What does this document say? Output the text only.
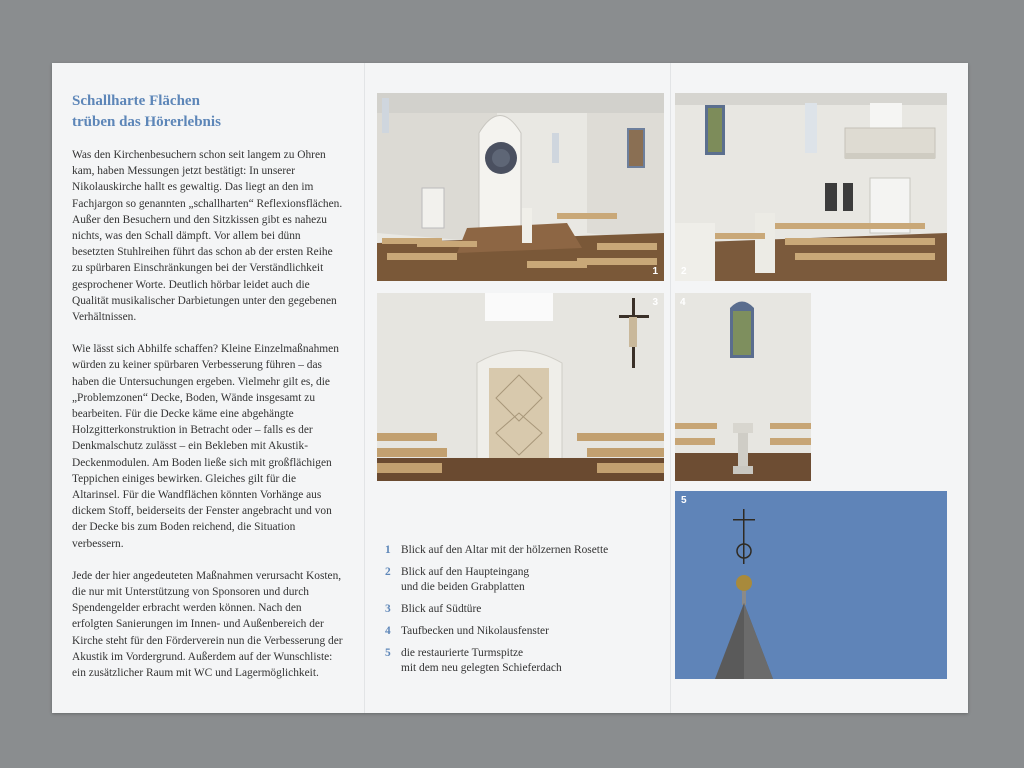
Schallharte Flächen
trüben das Hörerlebnis

Was den Kirchenbesuchern schon seit langem zu Ohren kam, haben Messungen jetzt bestätigt: In unserer Nikolauskirche hallt es gewaltig. Das liegt an den im Fachjargon so genannten „schallharten“ Reflexionsflächen. Außer den Besuchern und den Sitzkissen gibt es nahezu nichts, was den Schall dämpft. Vor allem bei dünn besetzten Stuhlreihen führt das schon ab der ersten Reihe zu spürbaren Einschränkungen bei der Verständlichkeit gesprochener Worte. Deutlich hörbar leidet auch die Qualität musikalischer Darbietungen unter den gegebenen Verhältnissen.

Wie lässt sich Abhilfe schaffen? Kleine Einzelmaßnahmen würden zu keiner spürbaren Verbesserung führen – das haben die Untersuchungen ergeben. Vielmehr gilt es, die „Problemzonen“ Decke, Boden, Wände insgesamt zu bearbeiten. Für die Decke käme eine abgehängte Holzgitterkonstruktion in Betracht oder – falls es der Denkmalschutz zulässt – ein Bekleben mit Akustik-Deckenmodulen. Am Boden ließe sich mit großflächigen Teppichen einiges bewirken. Gleiches gilt für die Altarinsel. Für die Wandflächen könnten Vorhänge aus dickem Stoff, beiderseits der Fenster angebracht und von der Decke bis zum Boden reichend, die Situation verbessern.

Jede der hier angedeuteten Maßnahmen verursacht Kosten, die nur mit Unterstützung von Sponsoren und durch Spendengelder erbracht werden können. Nach den erfolgten Sanierungen im Innen- und Außenbereich der Kirche steht für den Förderverein nun die Verbesserung der Akustik im Vordergrund. Außerdem auf der Wunschliste: ein zusätzlicher Raum mit WC und Lagermöglichkeit.

1
3
1 Blick auf den Altar mit der hölzernen Rosette
2 Blick auf den Haupteingang
und die beiden Grabplatten
3 Blick auf Südtüre
4 Taufbecken und Nikolausfenster
5 die restaurierte Turmspitze
mit dem neu gelegten Schieferdach
2
4
5
